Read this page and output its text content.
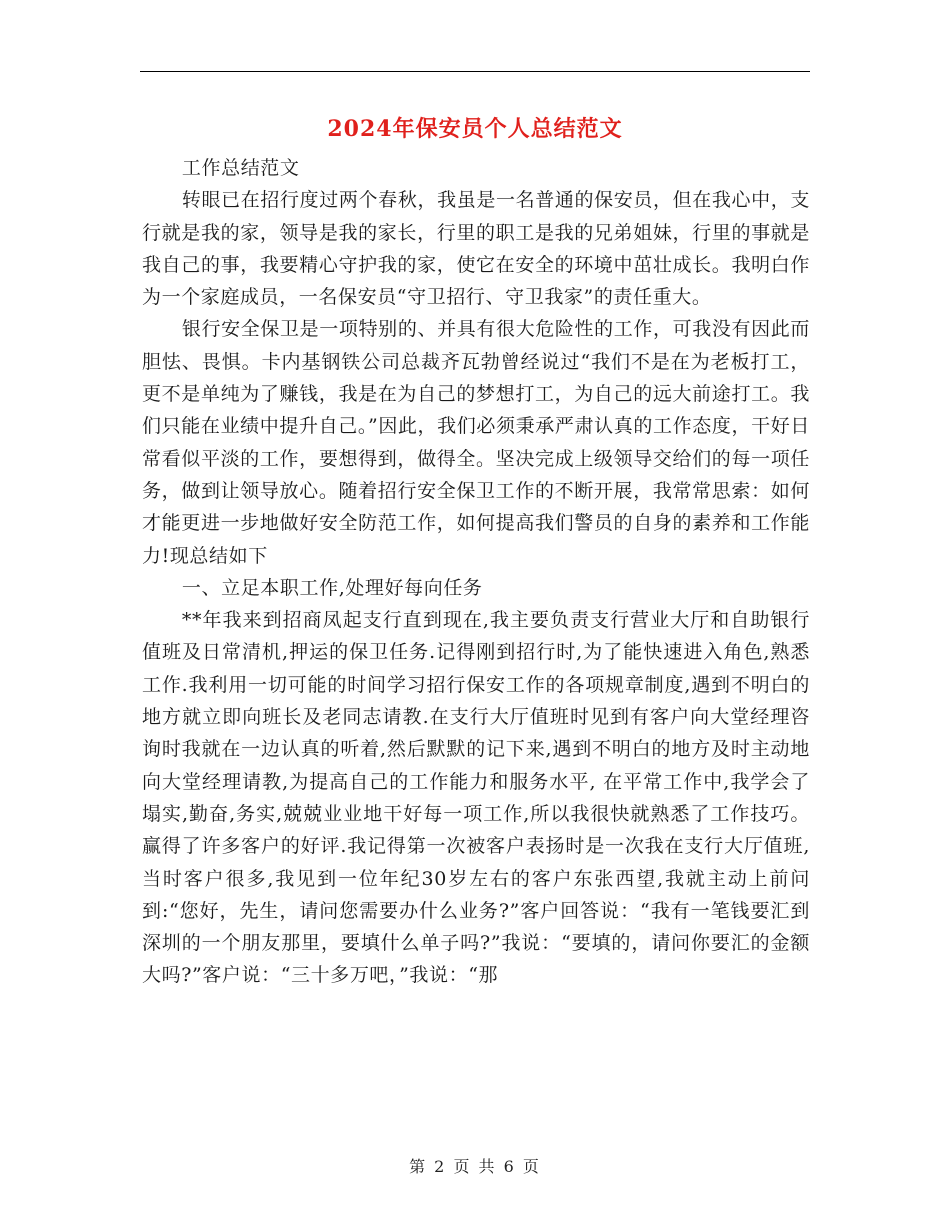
2024年保安员个人总结范文

工作总结范文

转眼已在招行度过两个春秋，我虽是一名普通的保安员，但在我心中，支行就是我的家，领导是我的家长，行里的职工是我的兄弟姐妹，行里的事就是我自己的事，我要精心守护我的家，使它在安全的环境中茁壮成长。我明白作为一个家庭成员，一名保安员“守卫招行、守卫我家”的责任重大。

银行安全保卫是一项特别的、并具有很大危险性的工作，可我没有因此而胆怯、畏惧。卡内基钢铁公司总裁齐瓦勃曾经说过“我们不是在为老板打工，更不是单纯为了赚钱，我是在为自己的梦想打工，为自己的远大前途打工。我们只能在业绩中提升自己。”因此，我们必须秉承严肃认真的工作态度，干好日常看似平淡的工作，要想得到，做得全。坚决完成上级领导交给们的每一项任务，做到让领导放心。随着招行安全保卫工作的不断开展，我常常思索：如何才能更进一步地做好安全防范工作，如何提高我们警员的自身的素养和工作能力!现总结如下

一、立足本职工作,处理好每向任务

**年我来到招商凤起支行直到现在,我主要负责支行营业大厅和自助银行值班及日常清机,押运的保卫任务.记得刚到招行时,为了能快速进入角色,熟悉工作.我利用一切可能的时间学习招行保安工作的各项规章制度,遇到不明白的地方就立即向班长及老同志请教.在支行大厅值班时见到有客户向大堂经理咨询时我就在一边认真的听着,然后默默的记下来,遇到不明白的地方及时主动地向大堂经理请教,为提高自己的工作能力和服务水平, 在平常工作中,我学会了塌实,勤奋,务实,兢兢业业地干好每一项工作,所以我很快就熟悉了工作技巧。赢得了许多客户的好评.我记得第一次被客户表扬时是一次我在支行大厅值班,当时客户很多,我见到一位年纪30岁左右的客户东张西望,我就主动上前问到:“您好，先生，请问您需要办什么业务?”客户回答说：“我有一笔钱要汇到深圳的一个朋友那里，要填什么单子吗?”我说：“要填的，请问你要汇的金额大吗?”客户说：“三十多万吧，”我说：“那

第 2 页 共 6 页
